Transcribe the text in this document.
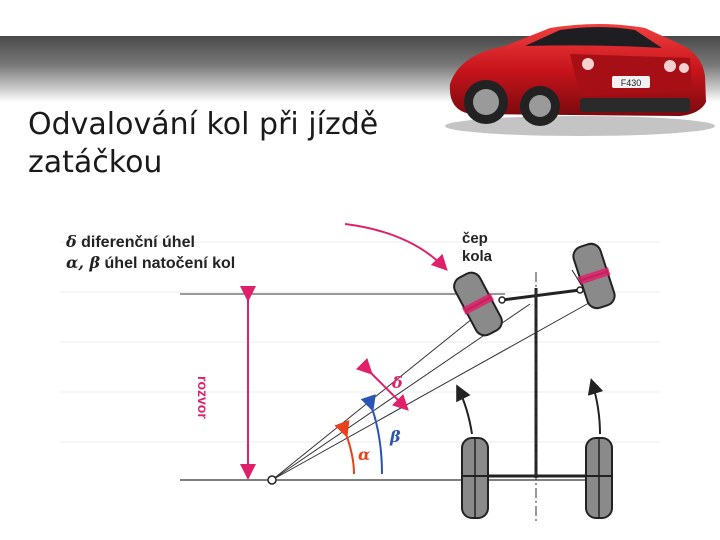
F430
Odvalování kol při jízdě
zatáčkou
δ diferenční úhel
α, β úhel natočení kol
čep
kola
rozvor	δ
β
α
